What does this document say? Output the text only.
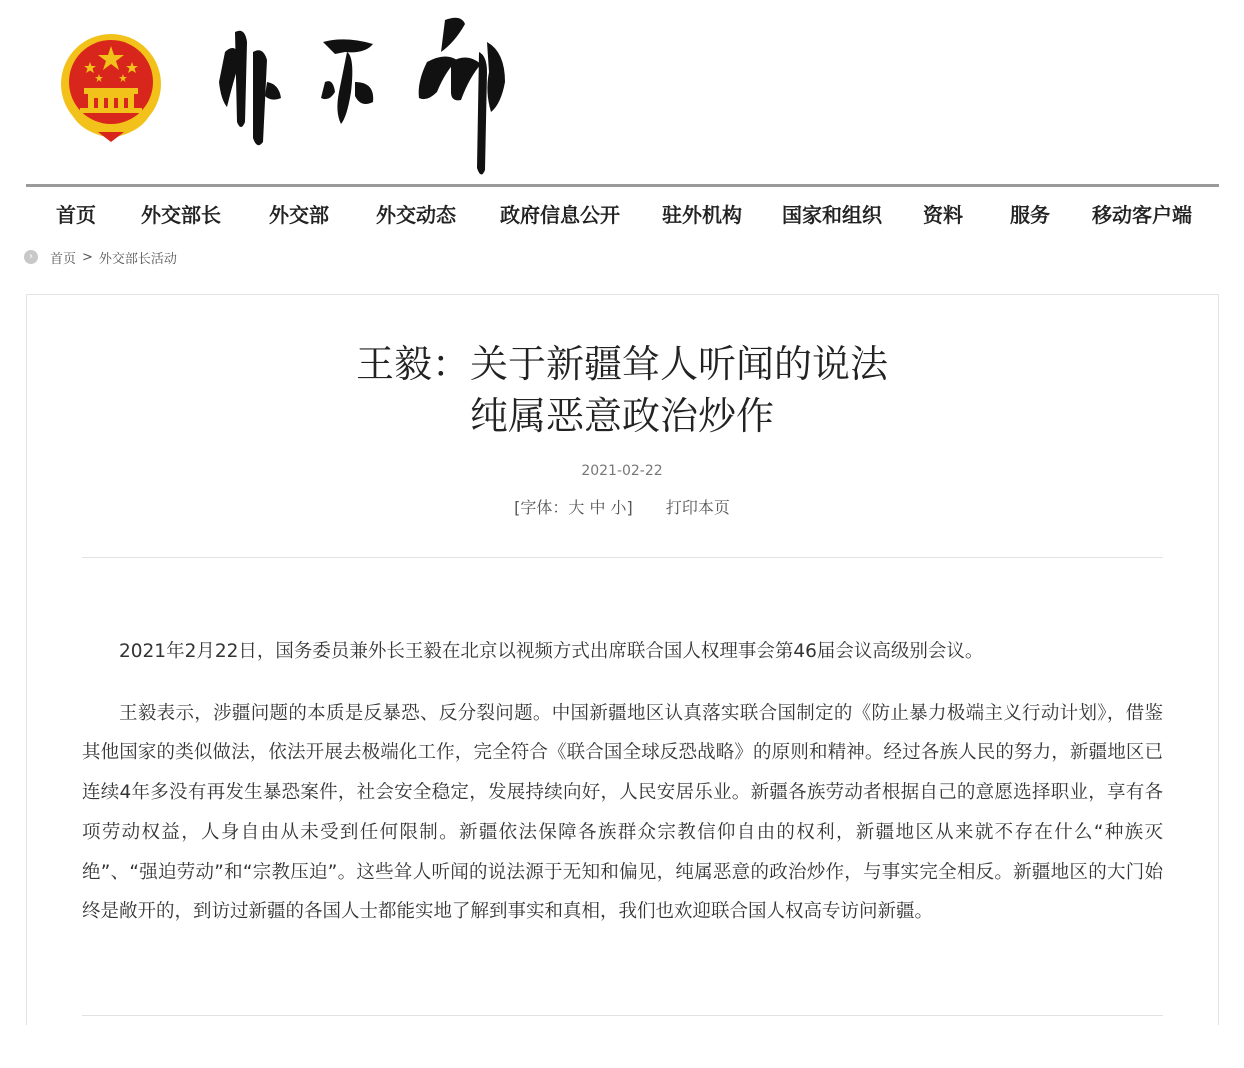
首页 外交部长 外交部 外交动态 政府信息公开 驻外机构 国家和组织 资料 服务 移动客户端
›	首页 > 外交部长活动
王毅：关于新疆耸人听闻的说法
纯属恶意政治炒作
2021-02-22
[字体：大 中 小] 打印本页

2021年2月22日，国务委员兼外长王毅在北京以视频方式出席联合国人权理事会第46届会议高级别会议。

王毅表示，涉疆问题的本质是反暴恐、反分裂问题。中国新疆地区认真落实联合国制定的《防止暴力极端主义行动计划》，借鉴其他国家的类似做法，依法开展去极端化工作，完全符合《联合国全球反恐战略》的原则和精神。经过各族人民的努力，新疆地区已连续4年多没有再发生暴恐案件，社会安全稳定，发展持续向好，人民安居乐业。新疆各族劳动者根据自己的意愿选择职业，享有各项劳动权益，人身自由从未受到任何限制。新疆依法保障各族群众宗教信仰自由的权利，新疆地区从来就不存在什么“种族灭绝”、“强迫劳动”和“宗教压迫”。这些耸人听闻的说法源于无知和偏见，纯属恶意的政治炒作，与事实完全相反。新疆地区的大门始终是敞开的，到访过新疆的各国人士都能实地了解到事实和真相，我们也欢迎联合国人权高专访问新疆。
